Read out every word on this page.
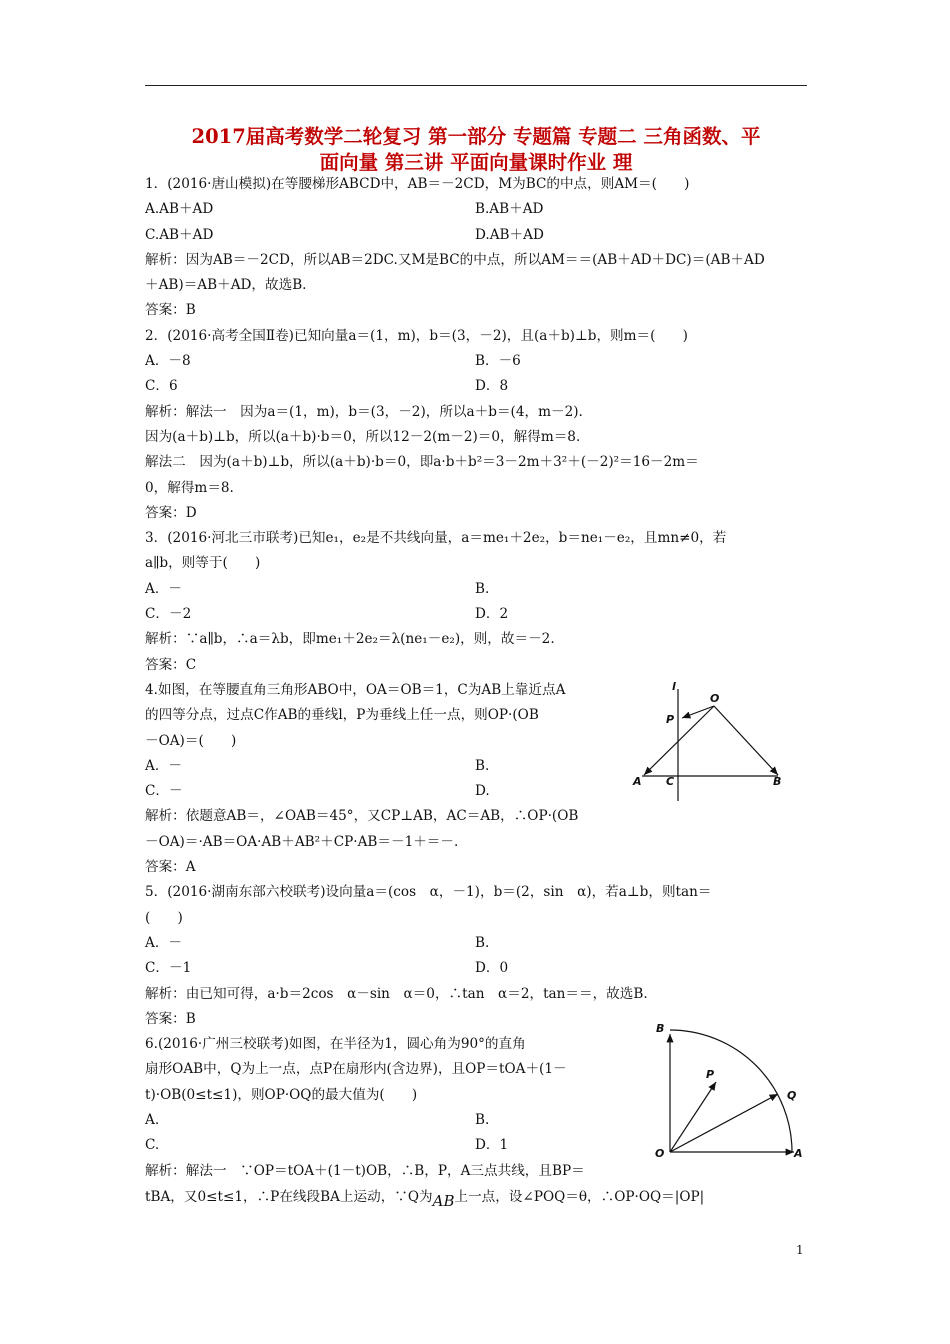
2017届高考数学二轮复习 第一部分 专题篇 专题二 三角函数、平
面向量 第三讲 平面向量课时作业 理
1．(2016·唐山模拟)在等腰梯形ABCD中，AB＝－2CD，M为BC的中点，则AM＝(　　)
A.AB＋AD	B.AB＋AD
C.AB＋AD	D.AB＋AD
解析：因为AB＝－2CD，所以AB＝2DC.又M是BC的中点，所以AM＝＝(AB＋AD＋DC)＝(AB＋AD
＋AB)＝AB＋AD，故选B.
答案：B
2．(2016·高考全国Ⅱ卷)已知向量a＝(1，m)，b＝(3，－2)，且(a＋b)⊥b，则m＝(　　)
A．－8	B．－6
C．6	D．8
解析：解法一　因为a＝(1，m)，b＝(3，－2)，所以a＋b＝(4，m－2).
因为(a＋b)⊥b，所以(a＋b)·b＝0，所以12－2(m－2)＝0，解得m＝8.
解法二　因为(a＋b)⊥b，所以(a＋b)·b＝0，即a·b＋b²＝3－2m＋3²＋(－2)²＝16－2m＝
0，解得m＝8.
答案：D
3．(2016·河北三市联考)已知e₁，e₂是不共线向量，a＝me₁＋2e₂，b＝ne₁－e₂，且mn≠0，若
a∥b，则等于(　　)
A．－	B.
C．－2	D．2
解析：∵a∥b，∴a＝λb，即me₁＋2e₂＝λ(ne₁－e₂)，则，故＝－2.
答案：C
4.如图，在等腰直角三角形ABO中，OA＝OB＝1，C为AB上靠近点A
的四等分点，过点C作AB的垂线l，P为垂线上任一点，则OP·(OB
－OA)＝(　　)
A．－	B.
C．－	D.
解析：依题意AB＝，∠OAB＝45°，又CP⊥AB，AC＝AB，∴OP·(OB
－OA)＝·AB＝OA·AB＋AB²＋CP·AB＝－1＋＝－.
答案：A
5．(2016·湖南东部六校联考)设向量a＝(cos　α，－1)，b＝(2，sin　α)，若a⊥b，则tan＝
(　　)
A．－	B.
C．－1	D．0
解析：由已知可得，a·b＝2cos　α－sin　α＝0，∴tan　α＝2，tan＝＝，故选B.
答案：B
6.(2016·广州三校联考)如图，在半径为1，圆心角为90°的直角
扇形OAB中，Q为上一点，点P在扇形内(含边界)，且OP＝tOA＋(1－
t)·OB(0≤t≤1)，则OP·OQ的最大值为(　　)
A.	B.
C.	D．1
解析：解法一　∵OP＝tOA＋(1－t)OB，∴B，P，A三点共线，且BP＝
tBA，又0≤t≤1，∴P在线段BA上运动，∵Q为AB上一点，设∠POQ＝θ，∴OP·OQ＝|OP|
l
O
P
A C	B
B
P
Q
O	A
1
